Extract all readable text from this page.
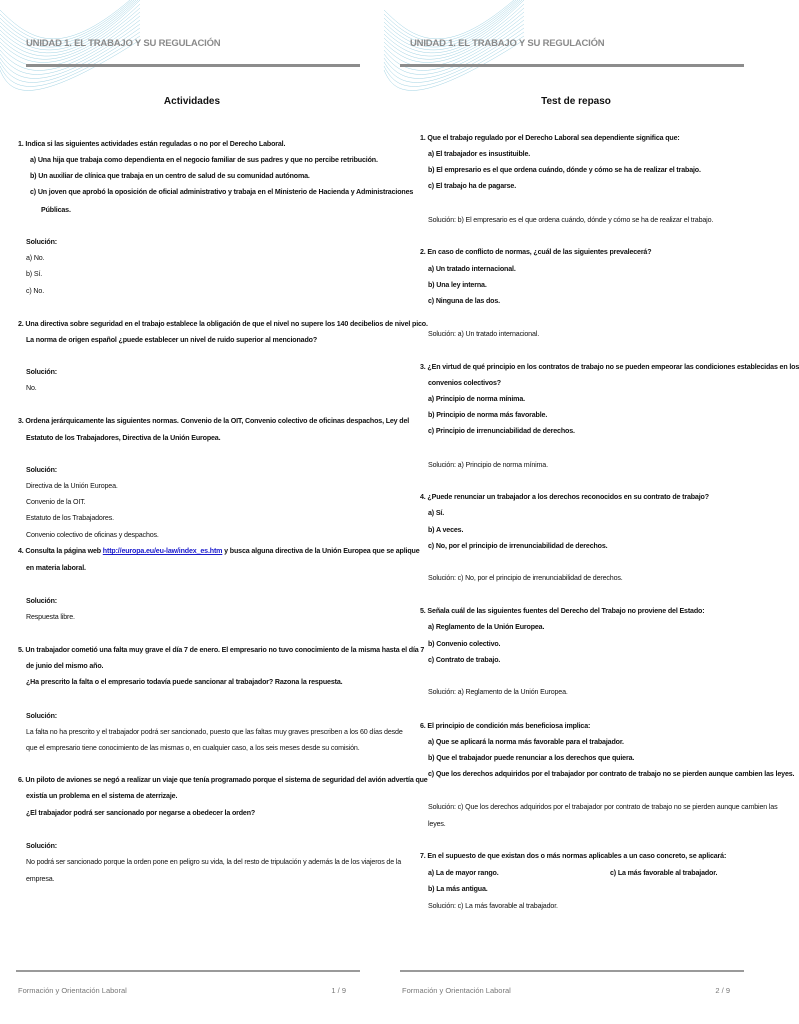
UNIDAD 1. EL TRABAJO Y SU REGULACIÓN
Actividades
1. Indica si las siguientes actividades están reguladas o no por el Derecho Laboral.
a) Una hija que trabaja como dependienta en el negocio familiar de sus padres y que no percibe retribución.
b) Un auxiliar de clínica que trabaja en un centro de salud de su comunidad autónoma.
c) Un joven que aprobó la oposición de oficial administrativo y trabaja en el Ministerio de Hacienda y Administraciones
Públicas.
Solución:
a) No.
b) Sí.
c) No.
2. Una directiva sobre seguridad en el trabajo establece la obligación de que el nivel no supere los 140 decibelios de nivel pico.
La norma de origen español ¿puede establecer un nivel de ruido superior al mencionado?
Solución:
No.
3. Ordena jerárquicamente las siguientes normas. Convenio de la OIT, Convenio colectivo de oficinas despachos, Ley del
Estatuto de los Trabajadores, Directiva de la Unión Europea.
Solución:
Directiva de la Unión Europea.
Convenio de la OIT.
Estatuto de los Trabajadores.
Convenio colectivo de oficinas y despachos.
4. Consulta la página web http://europa.eu/eu-law/index_es.htm y busca alguna directiva de la Unión Europea que se aplique
en materia laboral.
Solución:
Respuesta libre.
5. Un trabajador cometió una falta muy grave el día 7 de enero. El empresario no tuvo conocimiento de la misma hasta el día 7
de junio del mismo año.
¿Ha prescrito la falta o el empresario todavía puede sancionar al trabajador? Razona la respuesta.
Solución:
La falta no ha prescrito y el trabajador podrá ser sancionado, puesto que las faltas muy graves prescriben a los 60 días desde
que el empresario tiene conocimiento de las mismas o, en cualquier caso, a los seis meses desde su comisión.
6. Un piloto de aviones se negó a realizar un viaje que tenía programado porque el sistema de seguridad del avión advertía que
existía un problema en el sistema de aterrizaje.
¿El trabajador podrá ser sancionado por negarse a obedecer la orden?
Solución:
No podrá ser sancionado porque la orden pone en peligro su vida, la del resto de tripulación y además la de los viajeros de la
empresa.
Formación y Orientación Laboral	1 / 9
UNIDAD 1. EL TRABAJO Y SU REGULACIÓN
Test de repaso
1. Que el trabajo regulado por el Derecho Laboral sea dependiente significa que:
a) El trabajador es insustituible.
b) El empresario es el que ordena cuándo, dónde y cómo se ha de realizar el trabajo.
c) El trabajo ha de pagarse.
Solución: b) El empresario es el que ordena cuándo, dónde y cómo se ha de realizar el trabajo.
2. En caso de conflicto de normas, ¿cuál de las siguientes prevalecerá?
a) Un tratado internacional.
b) Una ley interna.
c) Ninguna de las dos.
Solución: a) Un tratado internacional.
3. ¿En virtud de qué principio en los contratos de trabajo no se pueden empeorar las condiciones establecidas en los
convenios colectivos?
a) Principio de norma mínima.
b) Principio de norma más favorable.
c) Principio de irrenunciabilidad de derechos.
Solución: a) Principio de norma mínima.
4. ¿Puede renunciar un trabajador a los derechos reconocidos en su contrato de trabajo?
a) Sí.
b) A veces.
c) No, por el principio de irrenunciabilidad de derechos.
Solución: c) No, por el principio de irrenunciabilidad de derechos.
5. Señala cuál de las siguientes fuentes del Derecho del Trabajo no proviene del Estado:
a) Reglamento de la Unión Europea.
b) Convenio colectivo.
c) Contrato de trabajo.
Solución: a) Reglamento de la Unión Europea.
6. El principio de condición más beneficiosa implica:
a) Que se aplicará la norma más favorable para el trabajador.
b) Que el trabajador puede renunciar a los derechos que quiera.
c) Que los derechos adquiridos por el trabajador por contrato de trabajo no se pierden aunque cambien las leyes.
Solución: c) Que los derechos adquiridos por el trabajador por contrato de trabajo no se pierden aunque cambien las
leyes.
7. En el supuesto de que existan dos o más normas aplicables a un caso concreto, se aplicará:
a) La de mayor rango.	c) La más favorable al trabajador.
b) La más antigua.
Solución: c) La más favorable al trabajador.
Formación y Orientación Laboral	2 / 9
